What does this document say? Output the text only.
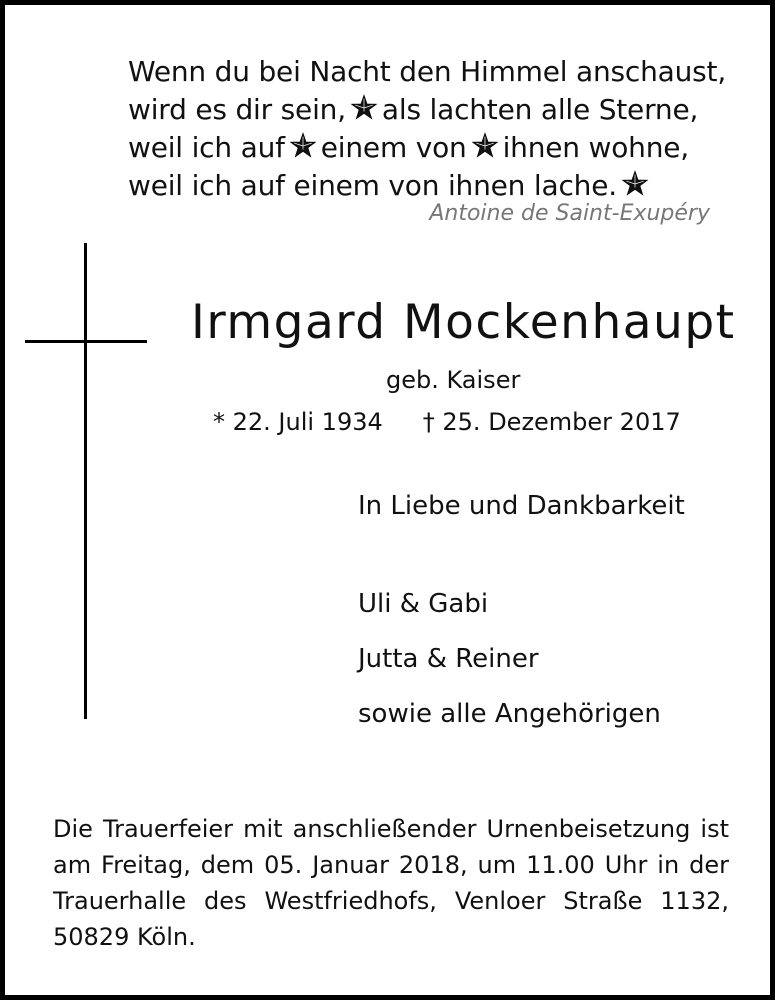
Wenn du bei Nacht den Himmel anschaust,
wird es dir sein, als lachten alle Sterne,
weil ich auf einem von ihnen wohne,
weil ich auf einem von ihnen lache.
Antoine de Saint-Exupéry
Irmgard Mockenhaupt
geb. Kaiser
* 22. Juli 1934 † 25. Dezember 2017
In Liebe und Dankbarkeit
Uli & Gabi
Jutta & Reiner
sowie alle Angehörigen
Die Trauerfeier mit anschließender Urnenbeisetzung ist am Freitag, dem 05. Januar 2018, um 11.00 Uhr in der Trauerhalle des Westfriedhofs, Venloer Straße 1132, 50829 Köln.
